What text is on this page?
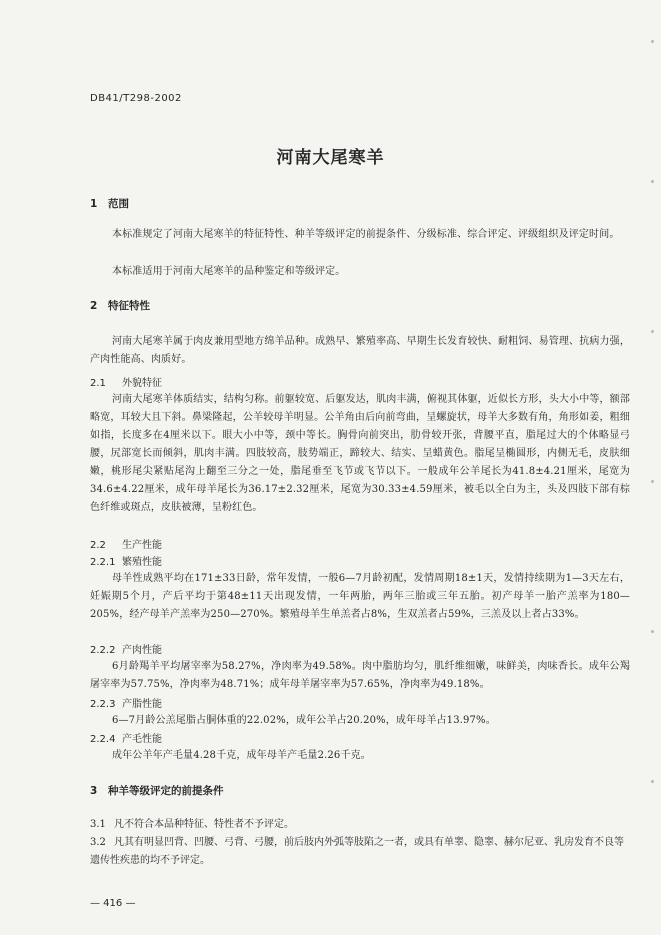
DB41/T298-2002
河南大尾寒羊
1 范围
本标准规定了河南大尾寒羊的特征特性、种羊等级评定的前提条件、分级标准、综合评定、评级组织及评定时间。
本标准适用于河南大尾寒羊的品种鉴定和等级评定。
2 特征特性
河南大尾寒羊属于肉皮兼用型地方绵羊品种。成熟早、繁殖率高、早期生长发育较快、耐粗饲、易管理、抗病力强，产肉性能高、肉质好。
2.1 外貌特征
河南大尾寒羊体质结实，结构匀称。前躯较宽、后躯发达，肌肉丰满，俯视其体躯，近似长方形，头大小中等，额部略宽，耳较大且下斜。鼻梁隆起，公羊较母羊明显。公羊角由后向前弯曲，呈螺旋状，母羊大多数有角，角形如姜，粗细如指，长度多在4厘米以下。眼大小中等，颈中等长。胸骨向前突出，肋骨较开张，背腰平直，脂尾过大的个体略显弓腰，尻部宽长而倾斜，肌肉丰满。四肢较高，肢势端正，蹄较大、结实、呈蜡黄色。脂尾呈椭圆形，内侧无毛，皮肤细嫩，桃形尾尖紧贴尾沟上翻至三分之一处，脂尾垂至飞节或飞节以下。一般成年公羊尾长为41.8±4.21厘米，尾宽为34.6±4.22厘米，成年母羊尾长为36.17±2.32厘米，尾宽为30.33±4.59厘米，被毛以全白为主，头及四肢下部有棕色纤维或斑点，皮肤被薄，呈粉红色。
2.2 生产性能
2.2.1 繁殖性能
母羊性成熟平均在171±33日龄，常年发情，一般6—7月龄初配，发情周期18±1天，发情持续期为1—3天左右，妊娠期5个月，产后平均于第48±11天出现发情，一年两胎，两年三胎或三年五胎。初产母羊一胎产羔率为180—205%，经产母羊产羔率为250—270%。繁殖母羊生单羔者占8%，生双羔者占59%，三羔及以上者占33%。
2.2.2 产肉性能
6月龄羯羊平均屠宰率为58.27%，净肉率为49.58%。肉中脂肪均匀，肌纤维细嫩，味鲜美，肉味香长。成年公羯屠宰率为57.75%，净肉率为48.71%；成年母羊屠宰率为57.65%，净肉率为49.18%。
2.2.3 产脂性能
6—7月龄公羔尾脂占胴体重的22.02%，成年公羊占20.20%，成年母羊占13.97%。
2.2.4 产毛性能
成年公羊年产毛量4.28千克，成年母羊产毛量2.26千克。
3 种羊等级评定的前提条件
3.1 凡不符合本品种特征、特性者不予评定。
3.2 凡其有明显凹背、凹腰、弓背、弓腰，前后肢内外弧等肢陷之一者，或具有单睾、隐睾、赫尔尼亚、乳房发育不良等遗传性疾患的均不予评定。
— 416 —
